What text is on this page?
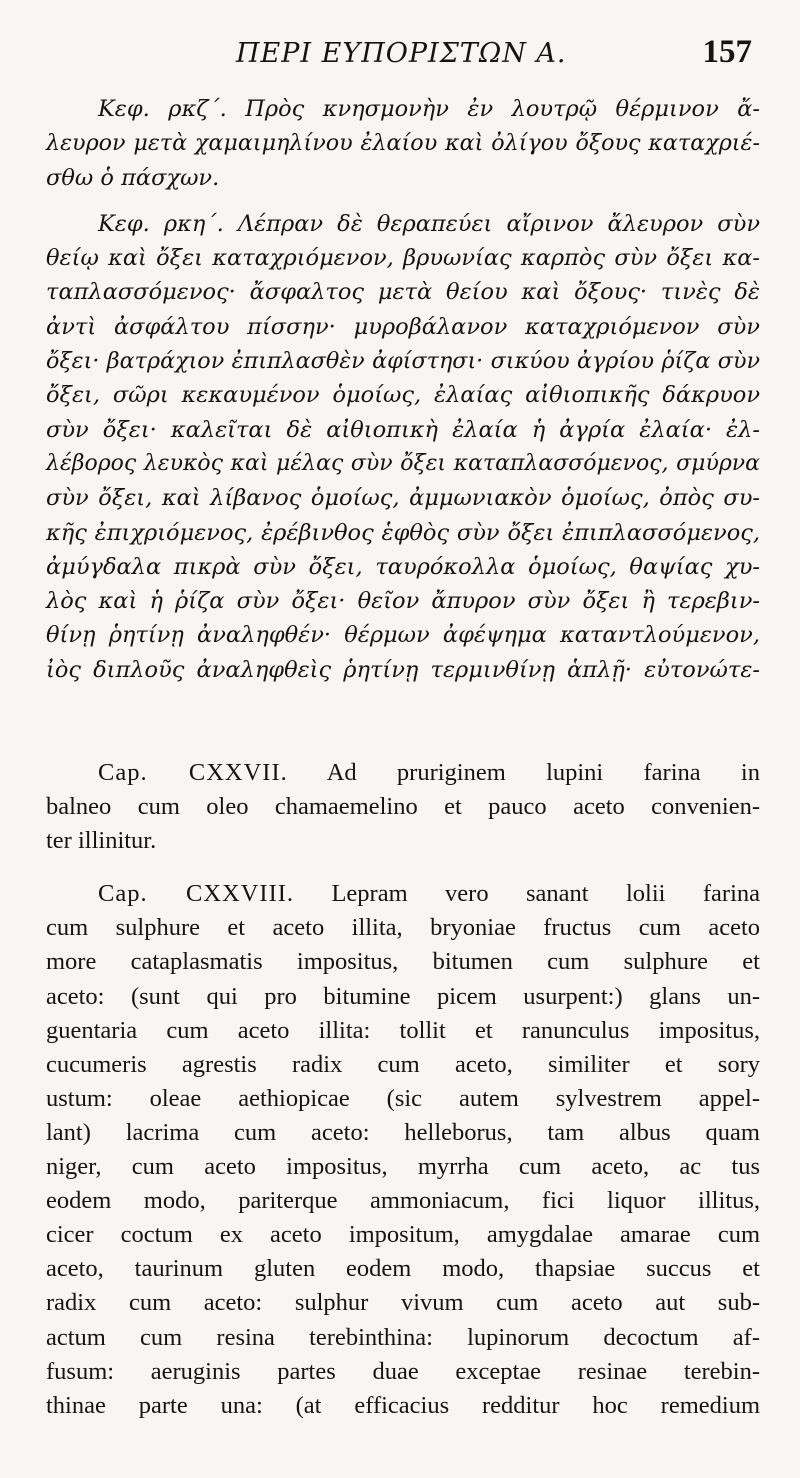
ΠΕΡΙ ΕΥΠΟΡΙΣΤΩΝ Α.	157

Κεφ. ρκζ΄. Πρὸς κνησμονὴν ἐν λουτρῷ θέρμινον ἄ-
λευρον μετὰ χαμαιμηλίνου ἐλαίου καὶ ὀλίγου ὄξους καταχριέ-
σθω ὁ πάσχων.

Κεφ. ρκη΄. Λέπραν δὲ θεραπεύει αἴρινον ἄλευρον σὺν
θείῳ καὶ ὄξει καταχριόμενον, βρυωνίας καρπὸς σὺν ὄξει κα-
ταπλασσόμενος· ἄσφαλτος μετὰ θείου καὶ ὄξους· τινὲς δὲ
ἀντὶ ἀσφάλτου πίσσην· μυροβάλανον καταχριόμενον σὺν
ὄξει· βατράχιον ἐπιπλασθὲν ἀφίστησι· σικύου ἀγρίου ῥίζα σὺν
ὄξει, σῶρι κεκαυμένον ὁμοίως, ἐλαίας αἰθιοπικῆς δάκρυον
σὺν ὄξει· καλεῖται δὲ αἰθιοπικὴ ἐλαία ἡ ἀγρία ἐλαία· ἐλ-
λέβορος λευκὸς καὶ μέλας σὺν ὄξει καταπλασσόμενος, σμύρνα
σὺν ὄξει, καὶ λίβανος ὁμοίως, ἀμμωνιακὸν ὁμοίως, ὀπὸς συ-
κῆς ἐπιχριόμενος, ἐρέβινθος ἑφθὸς σὺν ὄξει ἐπιπλασσόμενος,
ἀμύγδαλα πικρὰ σὺν ὄξει, ταυρόκολλα ὁμοίως, θαψίας χυ-
λὸς καὶ ἡ ῥίζα σὺν ὄξει· θεῖον ἄπυρον σὺν ὄξει ἢ τερεβιν-
θίνῃ ῥητίνῃ ἀναληφθέν· θέρμων ἀφέψημα καταντλούμενον,
ἰὸς διπλοῦς ἀναληφθεὶς ῥητίνῃ τερμινθίνῃ ἁπλῇ· εὐτονώτε-

Cap. CXXVII. Ad pruriginem lupini farina in
balneo cum oleo chamaemelino et pauco aceto convenien-
ter illinitur.

Cap. CXXVIII. Lepram vero sanant lolii farina
cum sulphure et aceto illita, bryoniae fructus cum aceto
more cataplasmatis impositus, bitumen cum sulphure et
aceto: (sunt qui pro bitumine picem usurpent:) glans un-
guentaria cum aceto illita: tollit et ranunculus impositus,
cucumeris agrestis radix cum aceto, similiter et sory
ustum: oleae aethiopicae (sic autem sylvestrem appel-
lant) lacrima cum aceto: helleborus, tam albus quam
niger, cum aceto impositus, myrrha cum aceto, ac tus
eodem modo, pariterque ammoniacum, fici liquor illitus,
cicer coctum ex aceto impositum, amygdalae amarae cum
aceto, taurinum gluten eodem modo, thapsiae succus et
radix cum aceto: sulphur vivum cum aceto aut sub-
actum cum resina terebinthina: lupinorum decoctum af-
fusum: aeruginis partes duae exceptae resinae terebin-
thinae parte una: (at efficacius redditur hoc remedium
